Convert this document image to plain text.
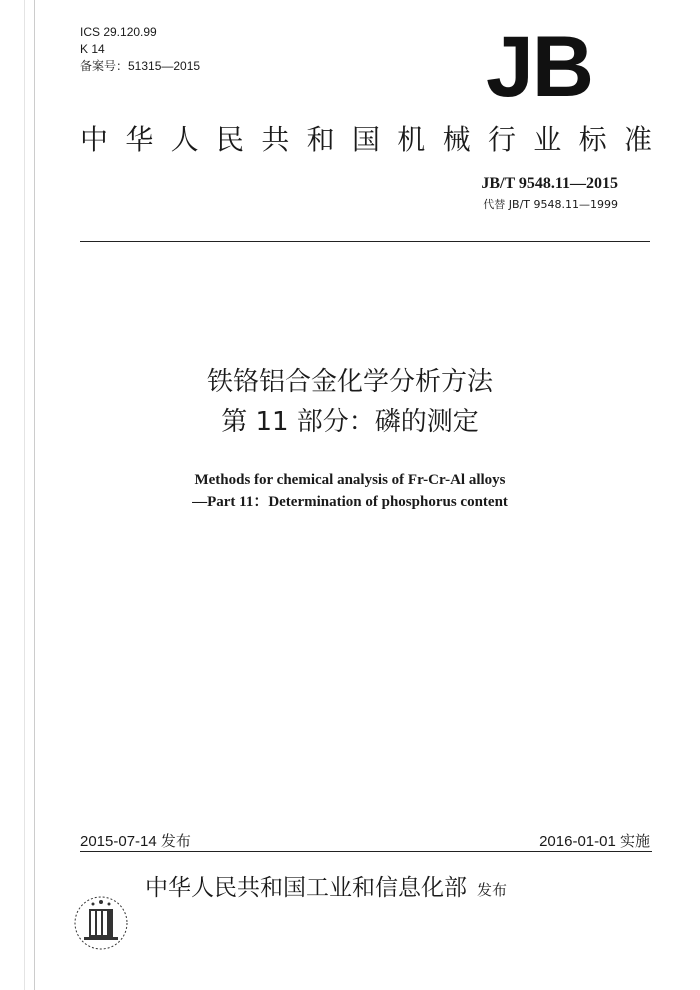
ICS 29.120.99
K 14
备案号：51315—2015	JB
中 华 人 民 共 和 国 机 械 行 业 标 准
JB/T 9548.11—2015
代替 JB/T 9548.11—1999
铁铬铝合金化学分析方法
第 11 部分：磷的测定
Methods for chemical analysis of Fr-Cr-Al alloys
—Part 11：Determination of phosphorus content
2015-07-14 发布	2016-01-01 实施
中华人民共和国工业和信息化部 发布
